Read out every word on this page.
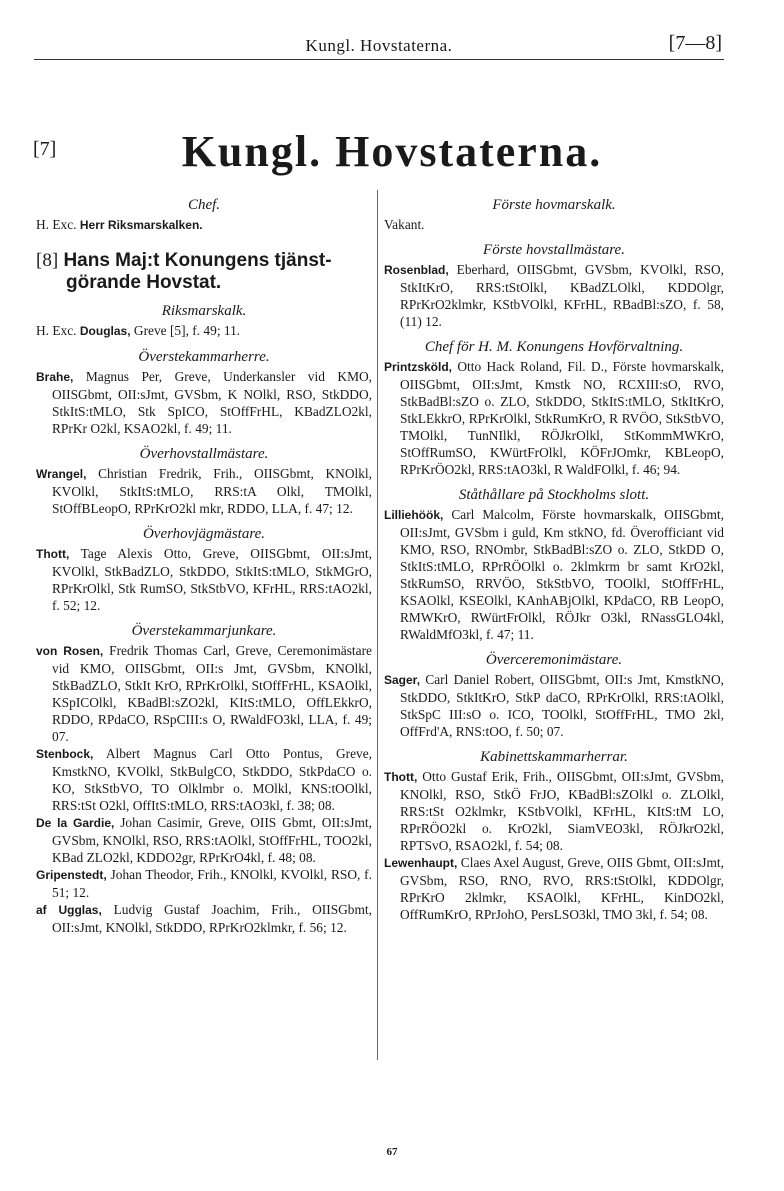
Kungl. Hovstaterna.	[7—8]
[7]	Kungl. Hovstaterna.
Chef.

H. Exc. Herr Riksmarskalken.

[8] Hans Maj:t Konungens tjänstgörande Hovstat.
Riksmarskalk.

H. Exc. Douglas, Greve [5], f. 49; 11.

Överstekammarherre.

Brahe, Magnus Per, Greve, Underkansler vid KMO, OIISGbmt, OII:sJmt, GVSbm, K NOlkl, RSO, StkDDO, StkItS:tMLO, Stk SpICO, StOffFrHL, KBadZLO2kl, RPrKr O2kl, KSAO2kl, f. 49; 11.

Överhovstallmästare.

Wrangel, Christian Fredrik, Frih., OIISGbmt, KNOlkl, KVOlkl, StkItS:tMLO, RRS:tA Olkl, TMOlkl, StOffBLeopO, RPrKrO2kl mkr, RDDO, LLA, f. 47; 12.

Överhovjägmästare.

Thott, Tage Alexis Otto, Greve, OIISGbmt, OII:sJmt, KVOlkl, StkBadZLO, StkDDO, StkItS:tMLO, StkMGrO, RPrKrOlkl, Stk RumSO, StkStbVO, KFrHL, RRS:tAO2kl, f. 52; 12.

Överstekammarjunkare.

von Rosen, Fredrik Thomas Carl, Greve, Ceremonimästare vid KMO, OIISGbmt, OII:s Jmt, GVSbm, KNOlkl, StkBadZLO, StkIt KrO, RPrKrOlkl, StOffFrHL, KSAOlkl, KSpICOlkl, KBadBl:sZO2kl, KItS:tMLO, OffLEkkrO, RDDO, RPdaCO, RSpCIII:s O, RWaldFO3kl, LLA, f. 49; 07.

Stenbock, Albert Magnus Carl Otto Pontus, Greve, KmstkNO, KVOlkl, StkBulgCO, StkDDO, StkPdaCO o. KO, StkStbVO, TO Olklmbr o. MOlkl, KNS:tOOlkl, RRS:tSt O2kl, OffItS:tMLO, RRS:tAO3kl, f. 38; 08.

De la Gardie, Johan Casimir, Greve, OIIS Gbmt, OII:sJmt, GVSbm, KNOlkl, RSO, RRS:tAOlkl, StOffFrHL, TOO2kl, KBad ZLO2kl, KDDO2gr, RPrKrO4kl, f. 48; 08.

Gripenstedt, Johan Theodor, Frih., KNOlkl, KVOlkl, RSO, f. 51; 12.

af Ugglas, Ludvig Gustaf Joachim, Frih., OIISGbmt, OII:sJmt, KNOlkl, StkDDO, RPrKrO2klmkr, f. 56; 12.

Förste hovmarskalk.

Vakant.

Förste hovstallmästare.

Rosenblad, Eberhard, OIISGbmt, GVSbm, KVOlkl, RSO, StkItKrO, RRS:tStOlkl, KBadZLOlkl, KDDOlgr, RPrKrO2klmkr, KStbVOlkl, KFrHL, RBadBl:sZO, f. 58, (11) 12.

Chef för H. M. Konungens Hovförvaltning.

Printzsköld, Otto Hack Roland, Fil. D., Förste hovmarskalk, OIISGbmt, OII:sJmt, Kmstk NO, RCXIII:sO, RVO, StkBadBl:sZO o. ZLO, StkDDO, StkItS:tMLO, StkItKrO, StkLEkkrO, RPrKrOlkl, StkRumKrO, R RVÖO, StkStbVO, TMOlkl, TunNIlkl, RÖJkrOlkl, StKommMWKrO, StOffRumSO, KWürtFrOlkl, KÖFrJOmkr, KBLeopO, RPrKrÖO2kl, RRS:tAO3kl, R WaldFOlkl, f. 46; 94.

Ståthållare på Stockholms slott.

Lilliehöök, Carl Malcolm, Förste hovmarskalk, OIISGbmt, OII:sJmt, GVSbm i guld, Km stkNO, fd. Överofficiant vid KMO, RSO, RNOmbr, StkBadBl:sZO o. ZLO, StkDD O, StkItS:tMLO, RPrRÖOlkl o. 2klmkrm br samt KrO2kl, StkRumSO, RRVÖO, StkStbVO, TOOlkl, StOffFrHL, KSAOlkl, KSEOlkl, KAnhABjOlkl, KPdaCO, RB LeopO, RMWKrO, RWürtFrOlkl, RÖJkr O3kl, RNassGLO4kl, RWaldMfO3kl, f. 47; 11.

Överceremonimästare.

Sager, Carl Daniel Robert, OIISGbmt, OII:s Jmt, KmstkNO, StkDDO, StkItKrO, StkP daCO, RPrKrOlkl, RRS:tAOlkl, StkSpC III:sO o. ICO, TOOlkl, StOffFrHL, TMO 2kl, OffFrd'A, RNS:tOO, f. 50; 07.

Kabinettskammarherrar.

Thott, Otto Gustaf Erik, Frih., OIISGbmt, OII:sJmt, GVSbm, KNOlkl, RSO, StkÖ FrJO, KBadBl:sZOlkl o. ZLOlkl, RRS:tSt O2klmkr, KStbVOlkl, KFrHL, KItS:tM LO, RPrRÖO2kl o. KrO2kl, SiamVEO3kl, RÖJkrO2kl, RPTSvO, RSAO2kl, f. 54; 08.

Lewenhaupt, Claes Axel August, Greve, OIIS Gbmt, OII:sJmt, GVSbm, RSO, RNO, RVO, RRS:tStOlkl, KDDOlgr, RPrKrO 2klmkr, KSAOlkl, KFrHL, KinDO2kl, OffRumKrO, RPrJohO, PersLSO3kl, TMO 3kl, f. 54; 08.

67
